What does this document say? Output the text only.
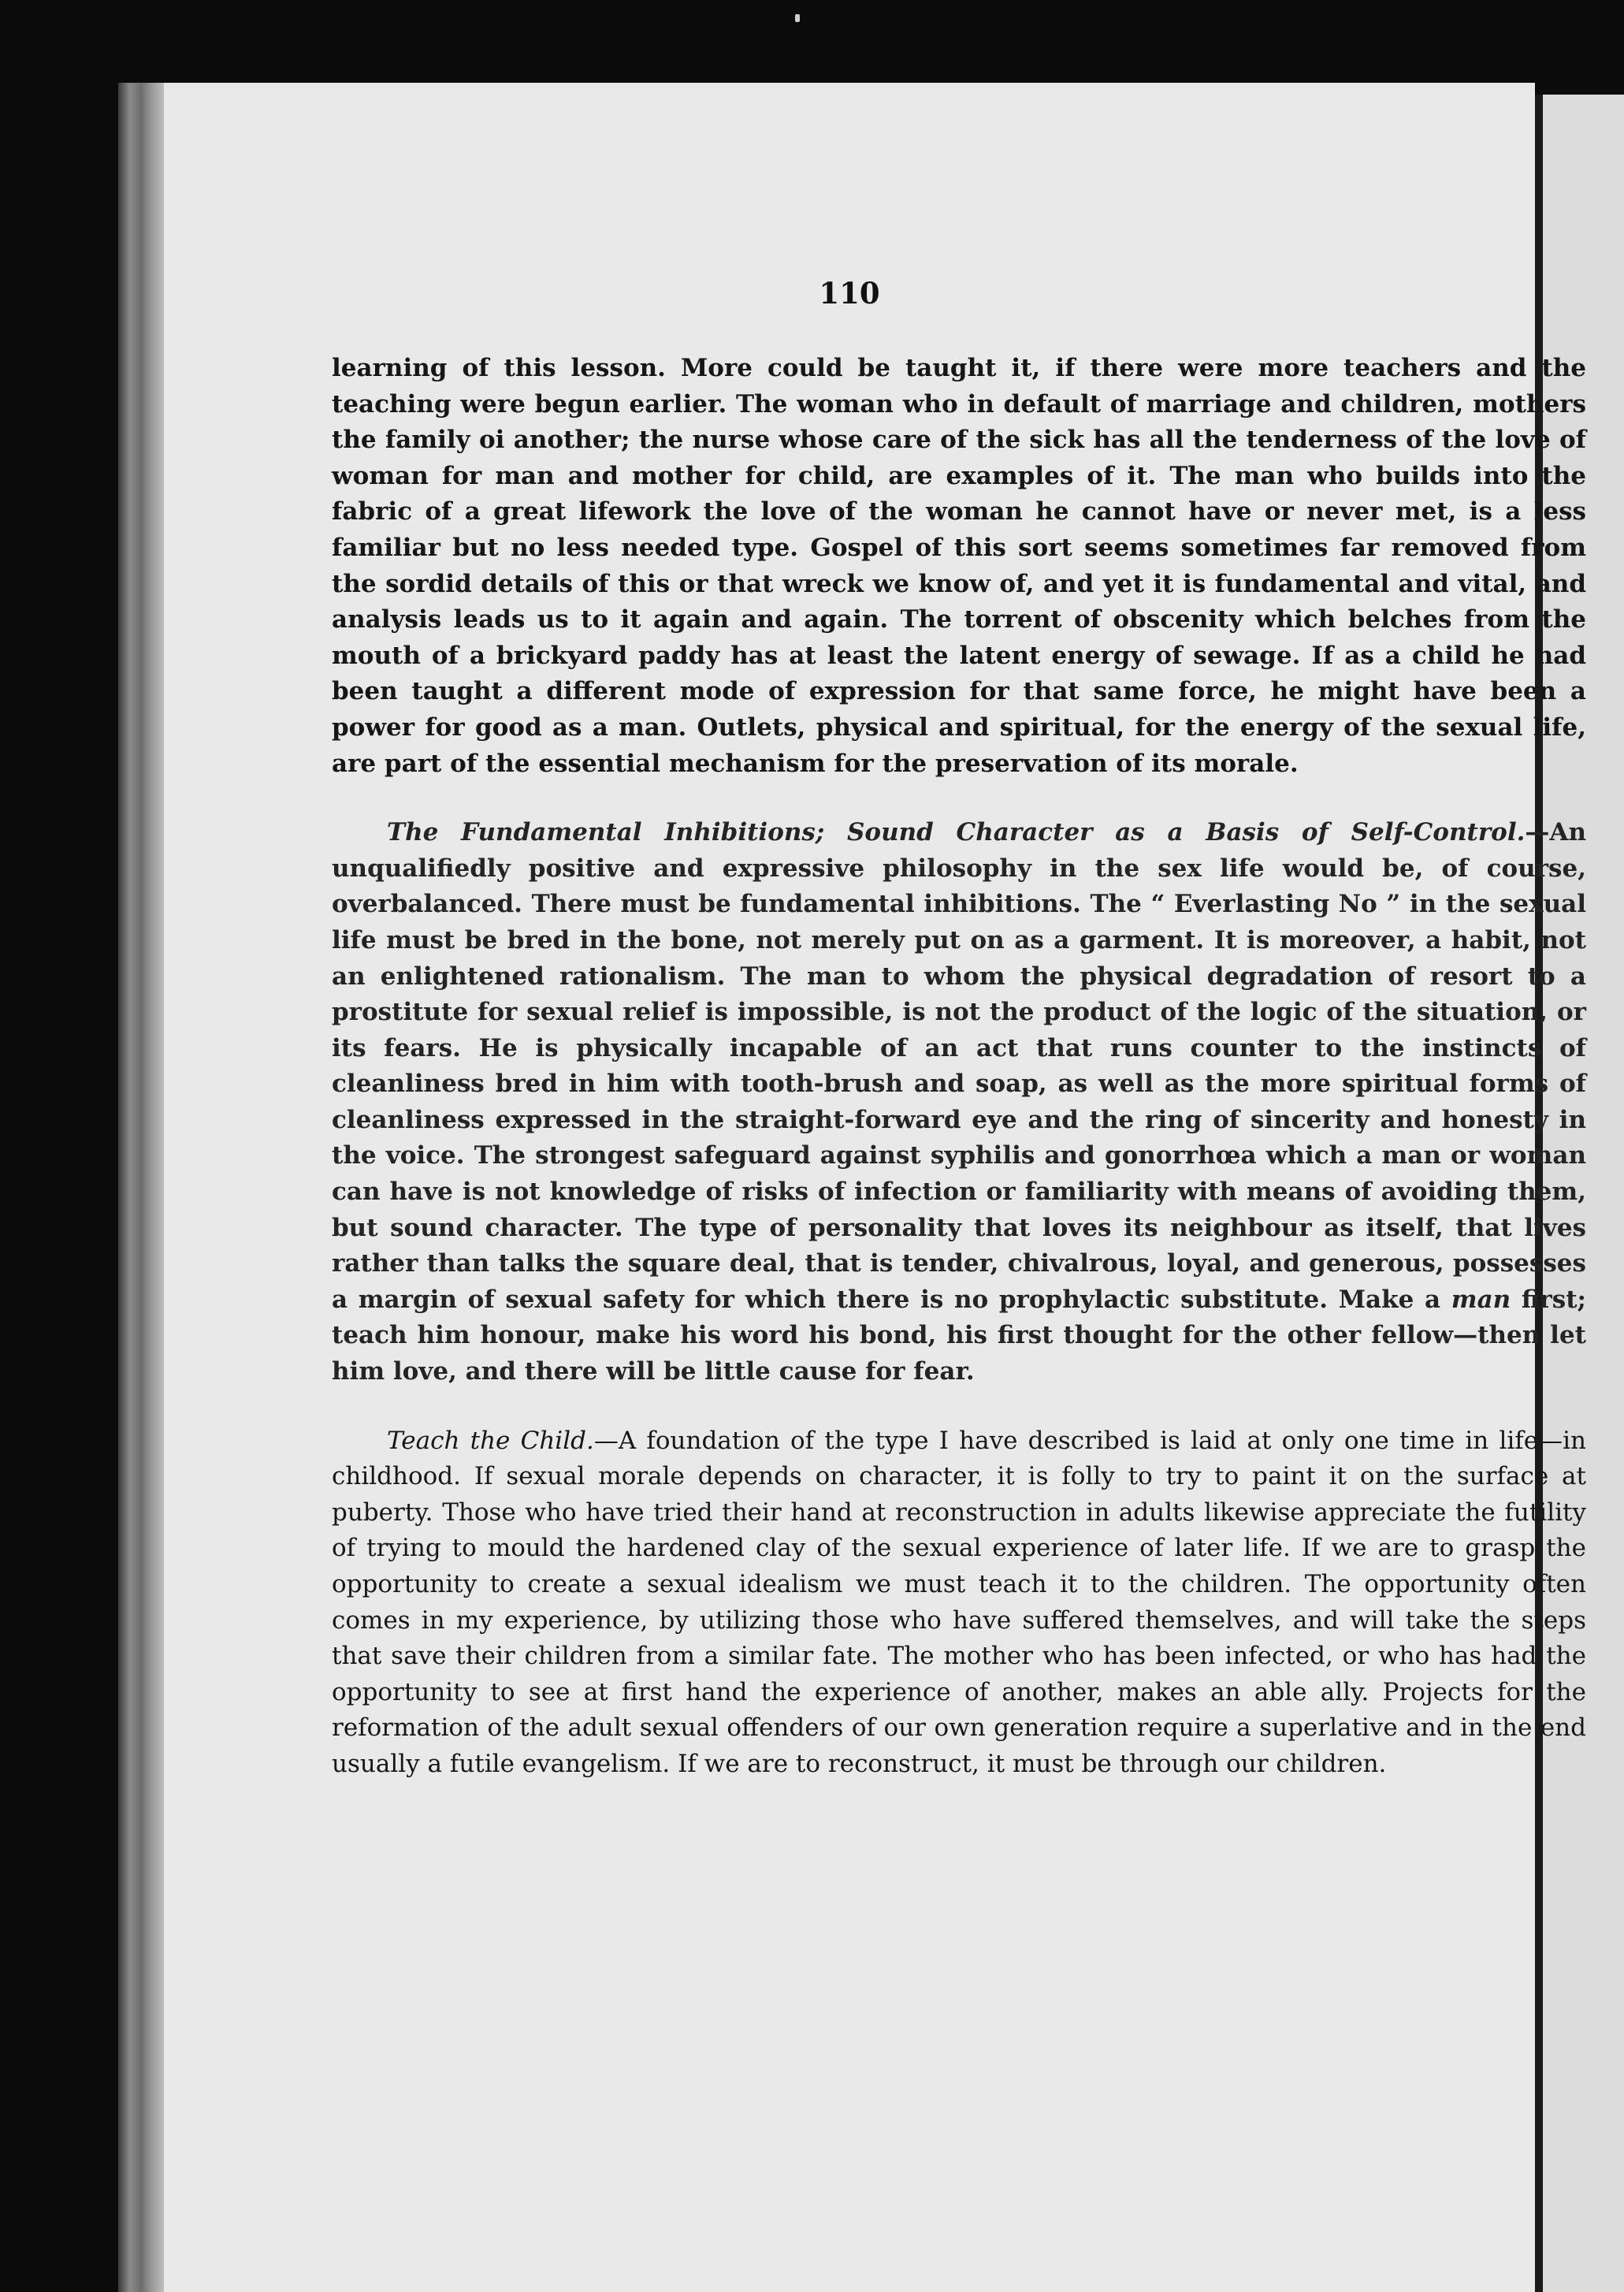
110

learning of this lesson. More could be taught it, if there were more teachers and the teaching were begun earlier. The woman who in default of marriage and children, mothers the family oi another; the nurse whose care of the sick has all the tenderness of the love of woman for man and mother for child, are examples of it. The man who builds into the fabric of a great lifework the love of the woman he cannot have or never met, is a less familiar but no less needed type. Gospel of this sort seems sometimes far removed from the sordid details of this or that wreck we know of, and yet it is fundamental and vital, and analysis leads us to it again and again. The torrent of obscenity which belches from the mouth of a brickyard paddy has at least the latent energy of sewage. If as a child he had been taught a different mode of expression for that same force, he might have been a power for good as a man. Outlets, physical and spiritual, for the energy of the sexual life, are part of the essential mechanism for the preservation of its morale.

The Fundamental Inhibitions; Sound Character as a Basis of Self-Control.—An unqualifiedly positive and expressive philosophy in the sex life would be, of course, overbalanced. There must be fundamental inhibitions. The “ Everlasting No ” in the sexual life must be bred in the bone, not merely put on as a garment. It is moreover, a habit, not an enlightened rationalism. The man to whom the physical degradation of resort to a prostitute for sexual relief is impossible, is not the product of the logic of the situation, or its fears. He is physically incapable of an act that runs counter to the instincts of cleanliness bred in him with tooth-brush and soap, as well as the more spiritual forms of cleanliness expressed in the straight-forward eye and the ring of sincerity and honesty in the voice. The strongest safeguard against syphilis and gonorrhœa which a man or woman can have is not knowledge of risks of infection or familiarity with means of avoiding them, but sound character. The type of personality that loves its neighbour as itself, that lives rather than talks the square deal, that is tender, chivalrous, loyal, and generous, possesses a margin of sexual safety for which there is no prophylactic substitute. Make a man first; teach him honour, make his word his bond, his first thought for the other fellow—then let him love, and there will be little cause for fear.

Teach the Child.—A foundation of the type I have described is laid at only one time in life—in childhood. If sexual morale depends on character, it is folly to try to paint it on the surface at puberty. Those who have tried their hand at reconstruction in adults likewise appreciate the futility of trying to mould the hardened clay of the sexual experience of later life. If we are to grasp the opportunity to create a sexual idealism we must teach it to the children. The opportunity often comes in my experience, by utilizing those who have suffered themselves, and will take the steps that save their children from a similar fate. The mother who has been infected, or who has had the opportunity to see at first hand the experience of another, makes an able ally. Projects for the reformation of the adult sexual offenders of our own generation require a superlative and in the end usually a futile evangelism. If we are to reconstruct, it must be through our children.
